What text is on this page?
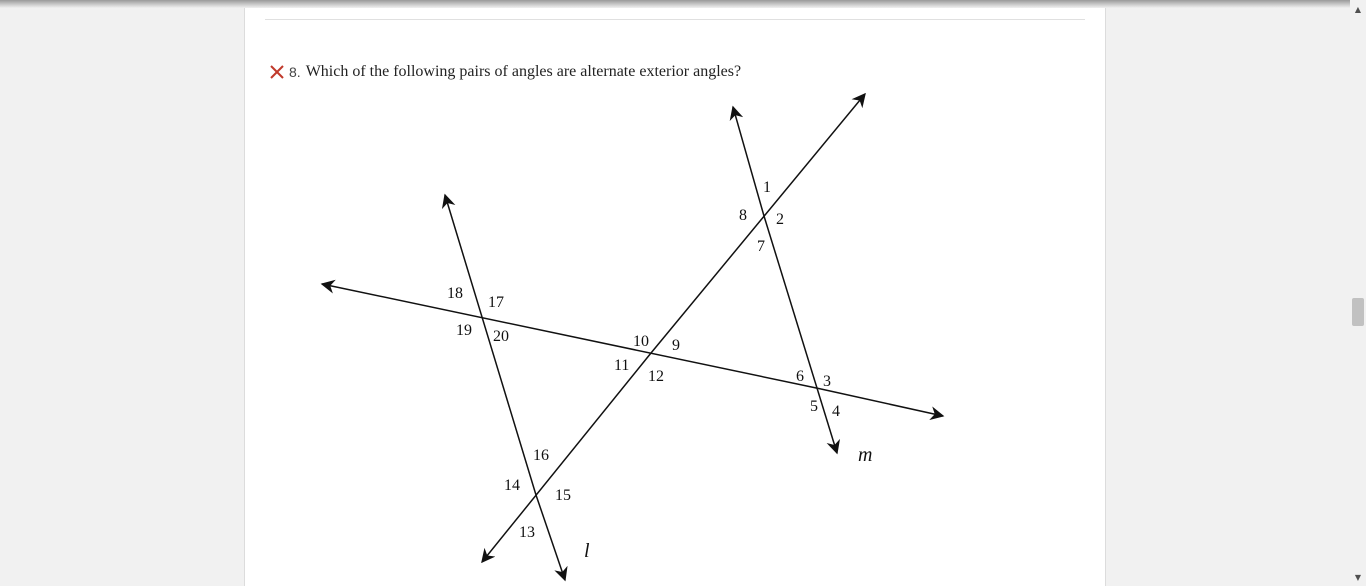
8. Which of the following pairs of angles are alternate exterior angles?
1
2
3
4
5
6
7
8
9
10
11
12
13
14
15
16
17
18
19 20
m
l
▲
▼
